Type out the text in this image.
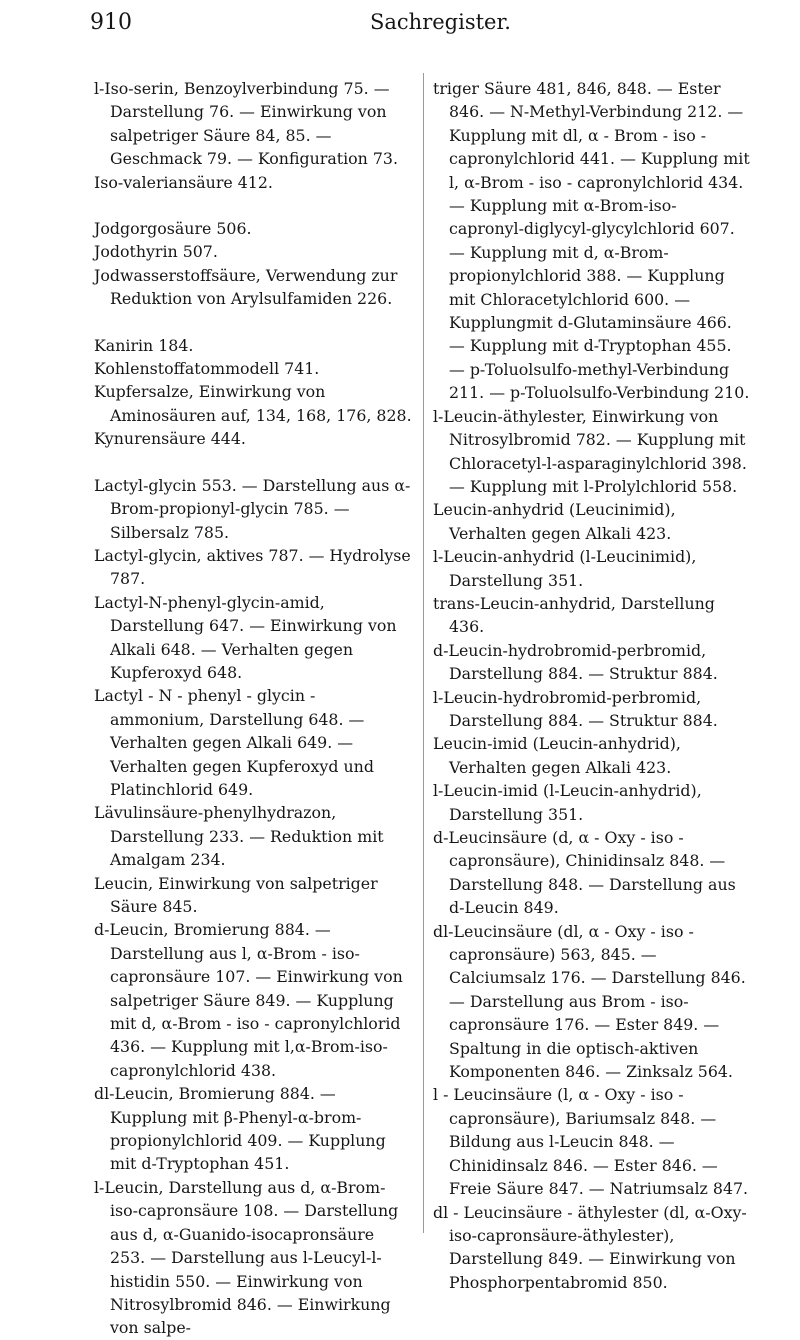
910	Sachregister.

l-Iso-serin, Benzoylverbindung 75. — Darstellung 76. — Einwirkung von salpetriger Säure 84, 85. — Geschmack 79. — Konfiguration 73.

Iso-valeriansäure 412.

Jodgorgosäure 506.

Jodothyrin 507.

Jodwasserstoffsäure, Verwendung zur Reduktion von Arylsulfamiden 226.

Kanirin 184.

Kohlenstoffatommodell 741.

Kupfersalze, Einwirkung von Aminosäuren auf, 134, 168, 176, 828.

Kynurensäure 444.

Lactyl-glycin 553. — Darstellung aus α-Brom-propionyl-glycin 785. — Silbersalz 785.

Lactyl-glycin, aktives 787. — Hydrolyse 787.

Lactyl-N-phenyl-glycin-amid, Darstellung 647. — Einwirkung von Alkali 648. — Verhalten gegen Kupferoxyd 648.

Lactyl - N - phenyl - glycin - ammonium, Darstellung 648. — Verhalten gegen Alkali 649. — Verhalten gegen Kupferoxyd und Platinchlorid 649.

Lävulinsäure-phenylhydrazon, Darstellung 233. — Reduktion mit Amalgam 234.

Leucin, Einwirkung von salpetriger Säure 845.

d-Leucin, Bromierung 884. — Darstellung aus l, α-Brom - iso-capronsäure 107. — Einwirkung von salpetriger Säure 849. — Kupplung mit d, α-Brom - iso - capronylchlorid 436. — Kupplung mit l,α-Brom-iso-capronylchlorid 438.

dl-Leucin, Bromierung 884. — Kupplung mit β-Phenyl-α-brom-propionylchlorid 409. — Kupplung mit d-Tryptophan 451.

l-Leucin, Darstellung aus d, α-Brom-iso-capronsäure 108. — Darstellung aus d, α-Guanido-isocapronsäure 253. — Darstellung aus l-Leucyl-l-histidin 550. — Einwirkung von Nitrosylbromid 846. — Einwirkung von salpe-

triger Säure 481, 846, 848. — Ester 846. — N-Methyl-Verbindung 212. — Kupplung mit dl, α - Brom - iso - capronylchlorid 441. — Kupplung mit l, α-Brom - iso - capronylchlorid 434. — Kupplung mit α-Brom-iso-capronyl-diglycyl-glycylchlorid 607. — Kupplung mit d, α-Brom-propionylchlorid 388. — Kupplung mit Chloracetylchlorid 600. — Kupplungmit d-Glutaminsäure 466. — Kupplung mit d-Tryptophan 455. — p-Toluolsulfo-methyl-Verbindung 211. — p-Toluolsulfo-Verbindung 210.

l-Leucin-äthylester, Einwirkung von Nitrosylbromid 782. — Kupplung mit Chloracetyl-l-asparaginylchlorid 398. — Kupplung mit l-Prolylchlorid 558.

Leucin-anhydrid (Leucinimid), Verhalten gegen Alkali 423.

l-Leucin-anhydrid (l-Leucinimid), Darstellung 351.

trans-Leucin-anhydrid, Darstellung 436.

d-Leucin-hydrobromid-perbromid, Darstellung 884. — Struktur 884.

l-Leucin-hydrobromid-perbromid, Darstellung 884. — Struktur 884.

Leucin-imid (Leucin-anhydrid), Verhalten gegen Alkali 423.

l-Leucin-imid (l-Leucin-anhydrid), Darstellung 351.

d-Leucinsäure (d, α - Oxy - iso - capronsäure), Chinidinsalz 848. — Darstellung 848. — Darstellung aus d-Leucin 849.

dl-Leucinsäure (dl, α - Oxy - iso - capronsäure) 563, 845. — Calciumsalz 176. — Darstellung 846. — Darstellung aus Brom - iso-capronsäure 176. — Ester 849. — Spaltung in die optisch-aktiven Komponenten 846. — Zinksalz 564.

l - Leucinsäure (l, α - Oxy - iso - capronsäure), Bariumsalz 848. — Bildung aus l-Leucin 848. — Chinidinsalz 846. — Ester 846. — Freie Säure 847. — Natriumsalz 847.

dl - Leucinsäure - äthylester (dl, α-Oxy-iso-capronsäure-äthylester), Darstellung 849. — Einwirkung von Phosphorpentabromid 850.
